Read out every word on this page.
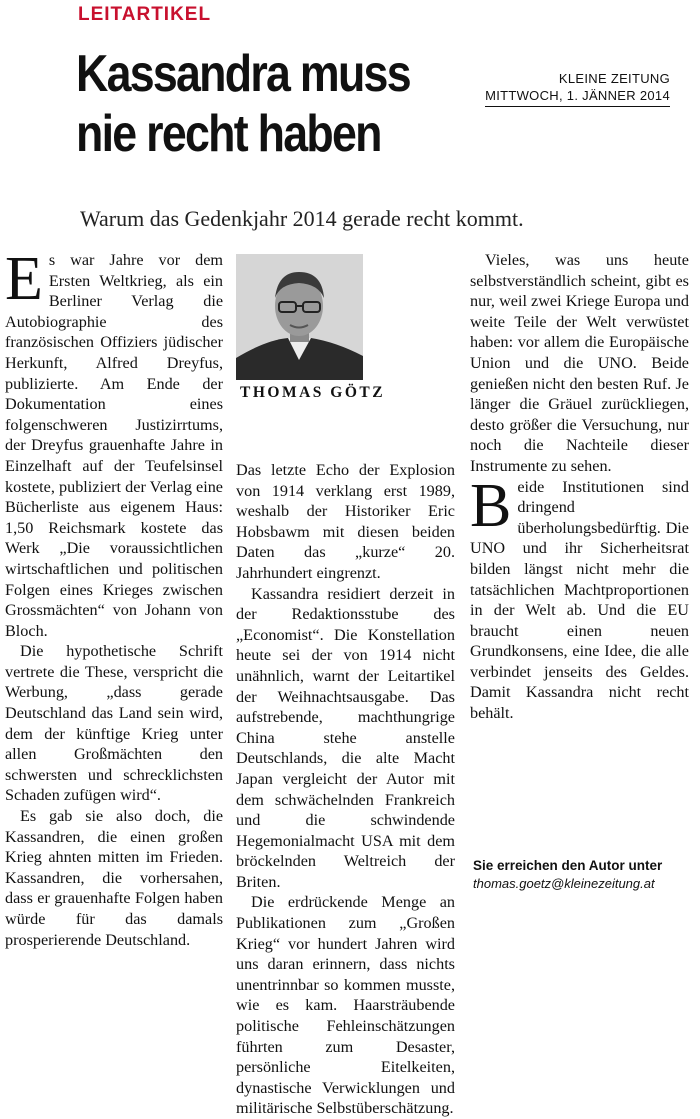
LEITARTIKEL
Kassandra muss
nie recht haben
KLEINE ZEITUNG
MITTWOCH, 1. JÄNNER 2014
Warum das Gedenkjahr 2014 gerade recht kommt.

Es war Jahre vor dem Ersten Weltkrieg, als ein Berliner Verlag die Autobiographie des französischen Offiziers jüdischer Herkunft, Alfred Dreyfus, publizierte. Am Ende der Dokumentation eines folgenschweren Justizirrtums, der Dreyfus grauenhafte Jahre in Einzelhaft auf der Teufelsinsel kostete, publiziert der Verlag eine Bücherliste aus eigenem Haus: 1,50 Reichsmark kostete das Werk „Die voraussichtlichen wirtschaftlichen und politischen Folgen eines Krieges zwischen Grossmächten“ von Johann von Bloch.

Die hypothetische Schrift vertrete die These, verspricht die Werbung, „dass gerade Deutschland das Land sein wird, dem der künftige Krieg unter allen Großmächten den schwersten und schrecklichsten Schaden zufügen wird“.

Es gab sie also doch, die Kassandren, die einen großen Krieg ahnten mitten im Frieden. Kassandren, die vorhersahen, dass er grauenhafte Folgen haben würde für das damals prosperierende Deutschland.

THOMAS GÖTZ

Das letzte Echo der Explosion von 1914 verklang erst 1989, weshalb der Historiker Eric Hobsbawm mit diesen beiden Daten das „kurze“ 20. Jahrhundert eingrenzt.

Kassandra residiert derzeit in der Redaktionsstube des „Economist“. Die Konstellation heute sei der von 1914 nicht unähnlich, warnt der Leitartikel der Weihnachtsausgabe. Das aufstrebende, machthungrige China stehe anstelle Deutschlands, die alte Macht Japan vergleicht der Autor mit dem schwächelnden Frankreich und die schwindende Hegemonialmacht USA mit dem bröckelnden Weltreich der Briten.

Die erdrückende Menge an Publikationen zum „Großen Krieg“ vor hundert Jahren wird uns daran erinnern, dass nichts unentrinnbar so kommen musste, wie es kam. Haarsträubende politische Fehleinschätzungen führten zum Desaster, persönliche Eitelkeiten, dynastische Verwicklungen und militärische Selbstüberschätzung.

Vieles, was uns heute selbstverständlich scheint, gibt es nur, weil zwei Kriege Europa und weite Teile der Welt verwüstet haben: vor allem die Europäische Union und die UNO. Beide genießen nicht den besten Ruf. Je länger die Gräuel zurückliegen, desto größer die Versuchung, nur noch die Nachteile dieser Instrumente zu sehen.

Beide Institutionen sind dringend überholungsbedürftig. Die UNO und ihr Sicherheitsrat bilden längst nicht mehr die tatsächlichen Machtproportionen in der Welt ab. Und die EU braucht einen neuen Grundkonsens, eine Idee, die alle verbindet jenseits des Geldes. Damit Kassandra nicht recht behält.

Sie erreichen den Autor unter
thomas.goetz@kleinezeitung.at
